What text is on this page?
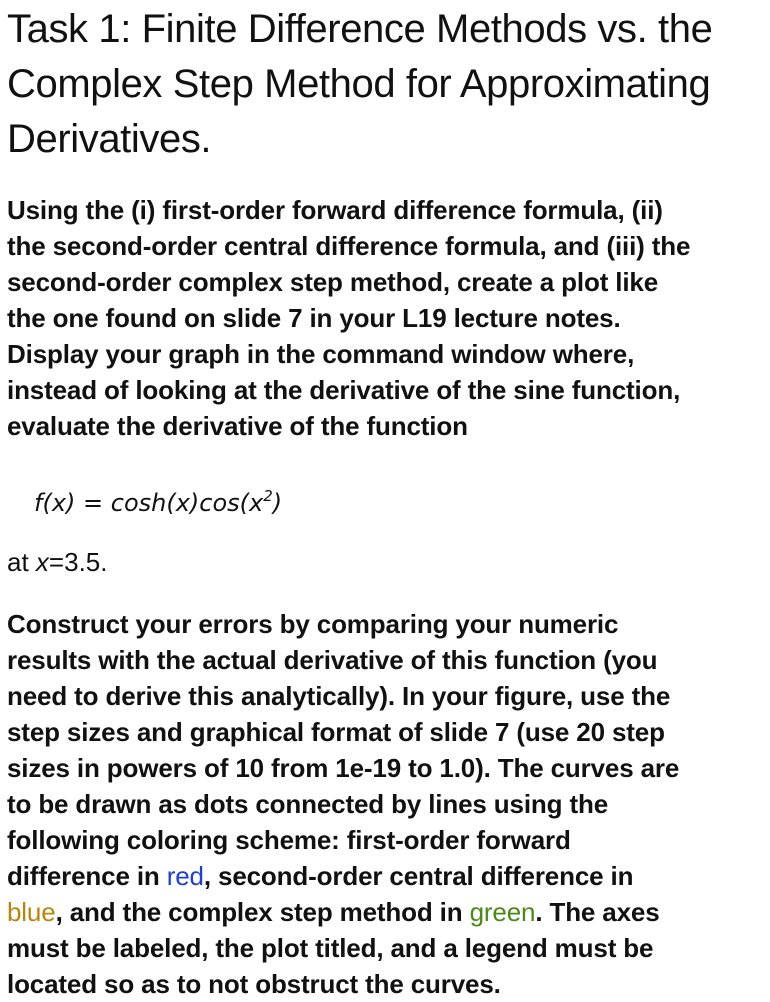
Task 1: Finite Difference Methods vs. the
Complex Step Method for Approximating
Derivatives.

Using the (i) first-order forward difference formula, (ii)
the second-order central difference formula, and (iii) the
second-order complex step method, create a plot like
the one found on slide 7 in your L19 lecture notes.
Display your graph in the command window where,
instead of looking at the derivative of the sine function,
evaluate the derivative of the function

$f(x) = \cosh(x)\cos(x^2)$

at x=3.5.

Construct your errors by comparing your numeric
results with the actual derivative of this function (you
need to derive this analytically). In your figure, use the
step sizes and graphical format of slide 7 (use 20 step
sizes in powers of 10 from 1e-19 to 1.0). The curves are
to be drawn as dots connected by lines using the
following coloring scheme: first-order forward
difference in red, second-order central difference in
blue, and the complex step method in green. The axes
must be labeled, the plot titled, and a legend must be
located so as to not obstruct the curves.
